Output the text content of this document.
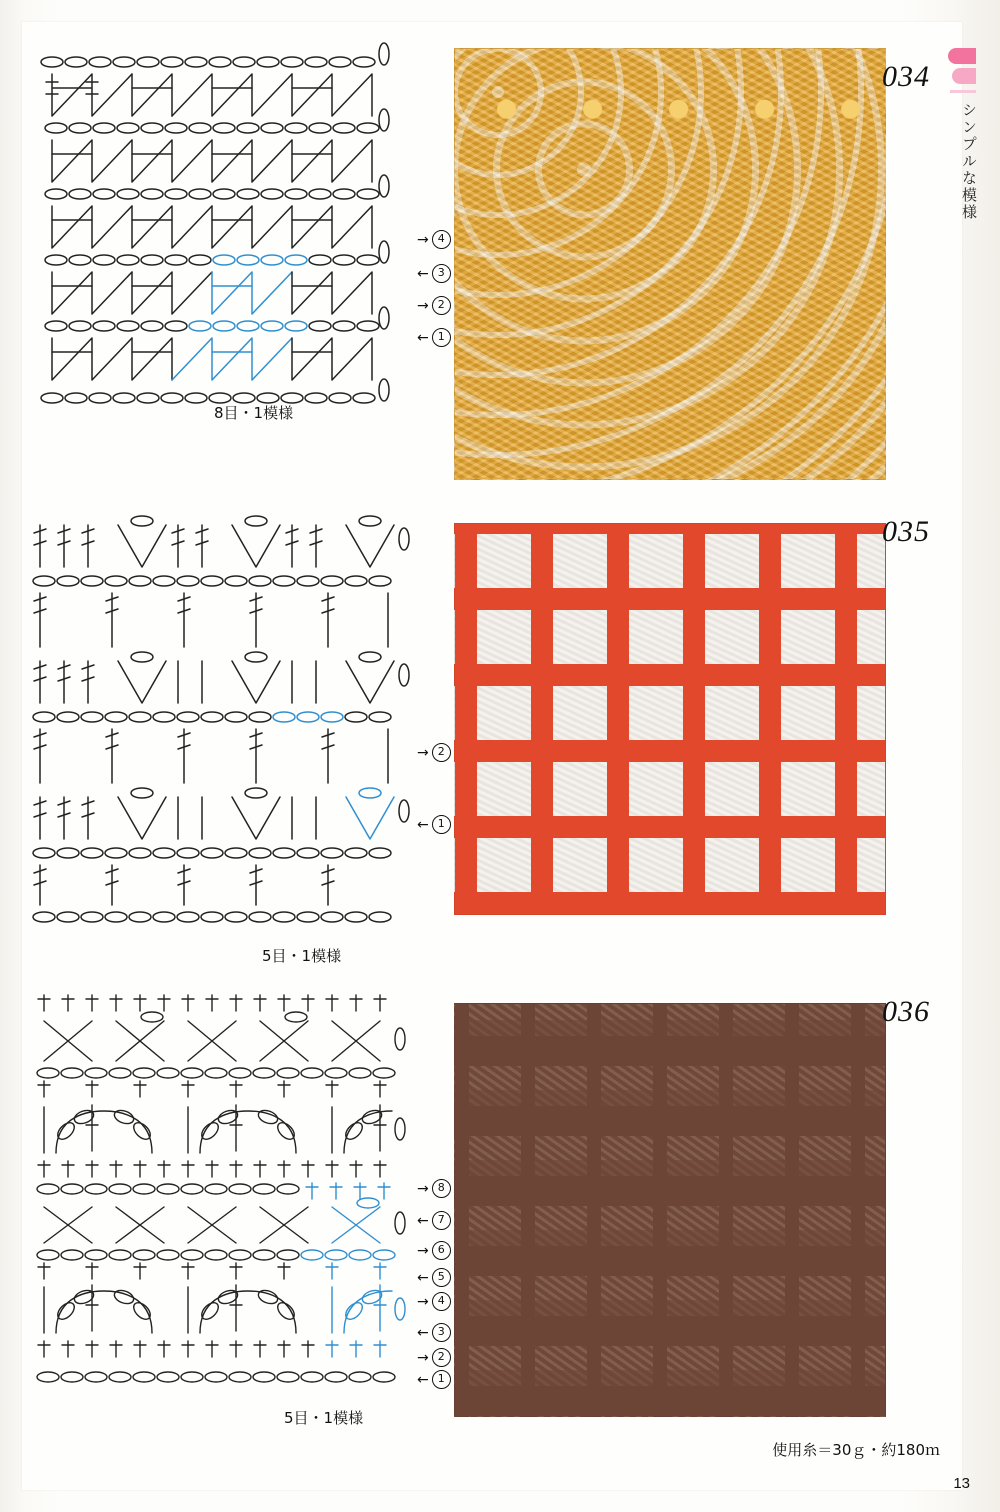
シンプルな模様
→ 4
← 3
→ 2
← 1
8目・1模様
034
→ 2
← 1
5目・1模様
035
→ 8
← 7
→ 6
← 5
→ 4
← 3
→ 2
← 1
5目・1模様
036
使用糸＝30ｇ・約180ｍ
13
